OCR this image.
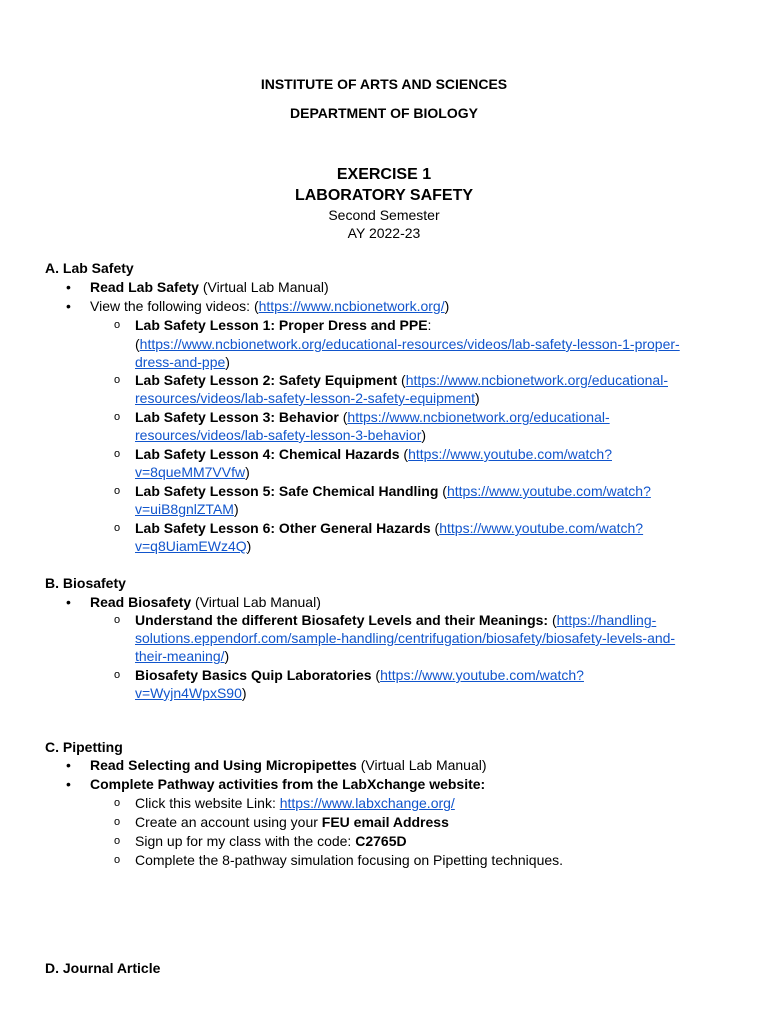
INSTITUTE OF ARTS AND SCIENCES
DEPARTMENT OF BIOLOGY
EXERCISE 1
LABORATORY SAFETY
Second Semester
AY 2022-23
A. Lab Safety
• Read Lab Safety (Virtual Lab Manual)
• View the following videos: (https://www.ncbionetwork.org/)
o Lab Safety Lesson 1: Proper Dress and PPE:
(https://www.ncbionetwork.org/educational-resources/videos/lab-safety-lesson-1-proper-
dress-and-ppe)
o Lab Safety Lesson 2: Safety Equipment (https://www.ncbionetwork.org/educational-
resources/videos/lab-safety-lesson-2-safety-equipment)
o Lab Safety Lesson 3: Behavior (https://www.ncbionetwork.org/educational-
resources/videos/lab-safety-lesson-3-behavior)
o Lab Safety Lesson 4: Chemical Hazards (https://www.youtube.com/watch?
v=8queMM7VVfw)
o Lab Safety Lesson 5: Safe Chemical Handling (https://www.youtube.com/watch?
v=uiB8gnlZTAM)
o Lab Safety Lesson 6: Other General Hazards (https://www.youtube.com/watch?
v=q8UiamEWz4Q)
B. Biosafety
• Read Biosafety (Virtual Lab Manual)
o Understand the different Biosafety Levels and their Meanings: (https://handling-
solutions.eppendorf.com/sample-handling/centrifugation/biosafety/biosafety-levels-and-
their-meaning/)
o Biosafety Basics Quip Laboratories (https://www.youtube.com/watch?
v=Wyjn4WpxS90)
C. Pipetting
• Read Selecting and Using Micropipettes (Virtual Lab Manual)
• Complete Pathway activities from the LabXchange website:
o Click this website Link: https://www.labxchange.org/
o Create an account using your FEU email Address
o Sign up for my class with the code: C2765D
o Complete the 8-pathway simulation focusing on Pipetting techniques.
D. Journal Article
